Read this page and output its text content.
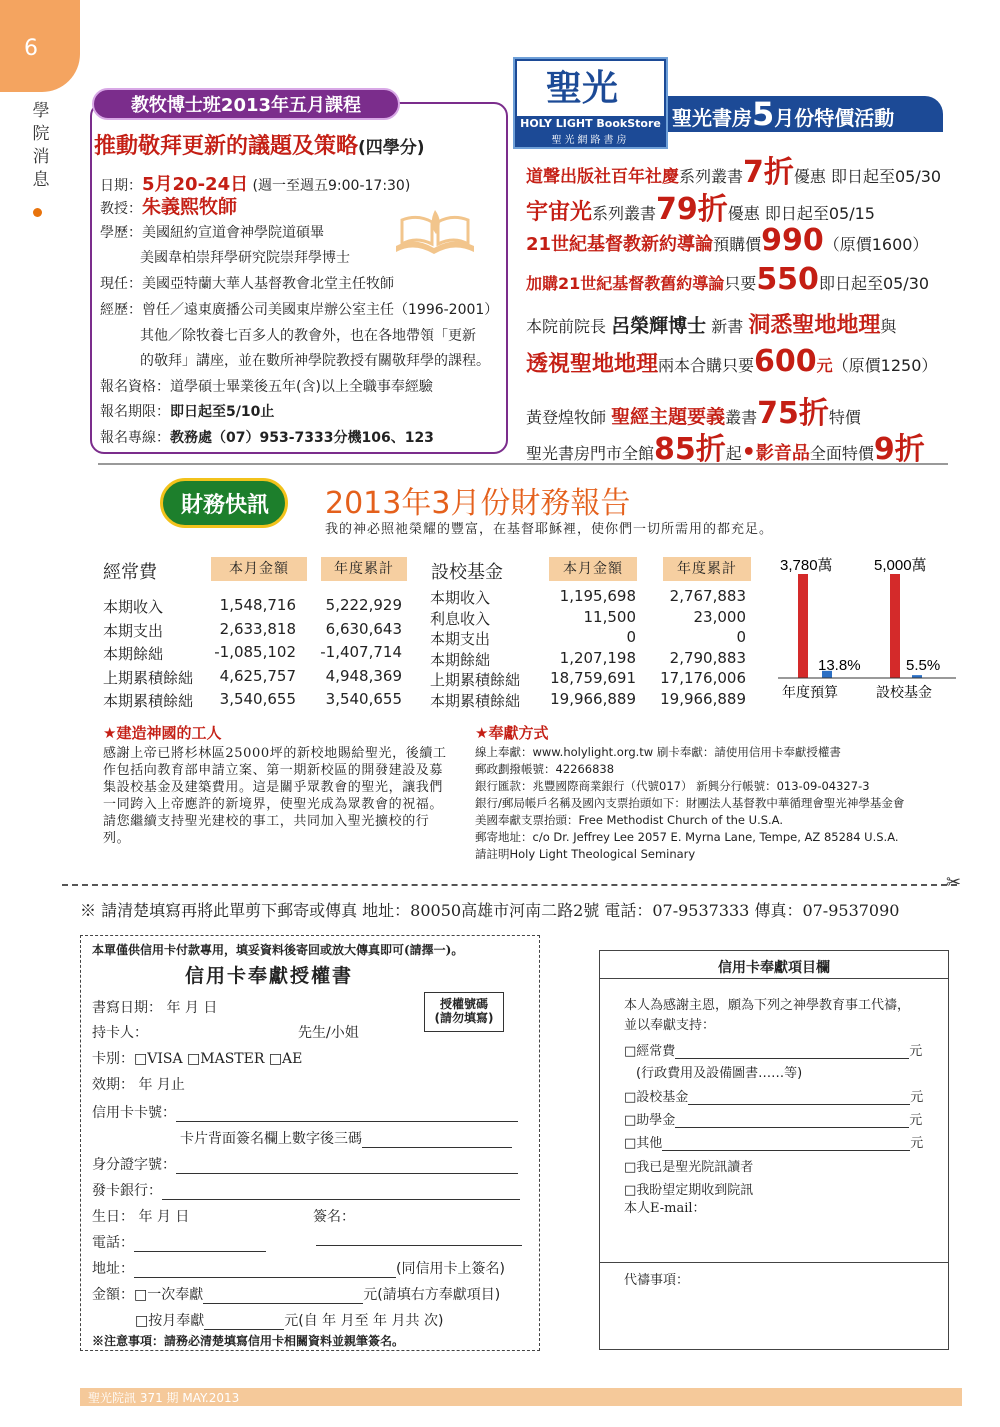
6
學院消息
教牧博士班2013年五月課程
推動敬拜更新的議題及策略(四學分)
日期：5月20-24日 (週一至週五9:00-17:30)
教授：朱義熙牧師
學歷：美國紐約宣道會神學院道碩畢
美國韋柏崇拜學研究院崇拜學博士
現任：美國亞特蘭大華人基督教會北堂主任牧師
經歷：曾任／遠東廣播公司美國東岸辦公室主任（1996-2001）
其他／除牧養七百多人的教會外，也在各地帶領「更新
的敬拜」講座，並在數所神學院教授有關敬拜學的課程。
報名資格：道學碩士畢業後五年(含)以上全職事奉經驗
報名期限：即日起至5/10止
報名專線：教務處（07）953-7333分機106、123
聖光
HOLY LIGHT BookStore
聖光網路書房
聖光書房5月份特價活動
道聲出版社百年社慶系列叢書7折優惠 即日起至05/30
宇宙光系列叢書79折優惠 即日起至05/15
21世紀基督教新約導論預購價990（原價1600）
加購21世紀基督教舊約導論只要550即日起至05/30
本院前院長 呂榮輝博士 新書 洞悉聖地地理與
透視聖地地理兩本合購只要600元（原價1250）
黃登煌牧師 聖經主題要義叢書75折特價
聖光書房門市全館85折起•影音品全面特價9折
財務快訊	2013年3月份財務報告
我的神必照祂榮耀的豐富，在基督耶穌裡，使你們一切所需用的都充足。
經常費	本月金額	年度累計
本期收入	1,548,716	5,222,929
本期支出	2,633,818	6,630,643
本期餘絀	-1,085,102	-1,407,714
上期累積餘絀	4,625,757	4,948,369
本期累積餘絀	3,540,655	3,540,655
設校基金	本月金額	年度累計
本期收入	1,195,698	2,767,883
利息收入	11,500	23,000
本期支出	0	0
本期餘絀	1,207,198	2,790,883
上期累積餘絀	18,759,691	17,176,006
本期累積餘絀	19,966,889	19,966,889
3,780萬
13.8%
年度預算
5,000萬
5.5%
設校基金
★建造神國的工人
感謝上帝已將杉林區25000坪的新校地賜給聖光，後續工作包括向教育部申請立案、第一期新校區的開發建設及募集設校基金及建築費用。這是關乎眾教會的聖光，讓我們一同跨入上帝應許的新境界，使聖光成為眾教會的祝福。請您繼續支持聖光建校的事工，共同加入聖光擴校的行列。
★奉獻方式
線上奉獻：www.holylight.org.tw 刷卡奉獻：請使用信用卡奉獻授權書
郵政劃撥帳號：42266838
銀行匯款：兆豐國際商業銀行（代號017） 新興分行帳號：013-09-04327-3
銀行/郵局帳戶名稱及國內支票抬頭如下：財團法人基督教中華循理會聖光神學基金會
美國奉獻支票抬頭：Free Methodist Church of the U.S.A.
郵寄地址：c/o Dr. Jeffrey Lee 2057 E. Myrna Lane, Tempe, AZ 85284 U.S.A.
請註明Holy Light Theological Seminary
✂
※ 請清楚填寫再將此單剪下郵寄或傳真 地址：80050高雄市河南二路2號 電話：07-9537333 傳真：07-9537090
本單僅供信用卡付款專用，填妥資料後寄回或放大傳真即可(請擇一)。
信用卡奉獻授權書
授權號碼
(請勿填寫)
書寫日期： 年 月 日
持卡人：	先生/小姐
卡別：□VISA □MASTER □AE
效期： 年 月止
信用卡卡號：
卡片背面簽名欄上數字後三碼
身分證字號：
發卡銀行：
生日： 年 月 日	簽名：
電話：
地址：	(同信用卡上簽名)
金額：□一次奉獻	元(請填右方奉獻項目)
□按月奉獻	元(自 年 月至 年 月共 次)
※注意事項：請務必清楚填寫信用卡相關資料並親筆簽名。
信用卡奉獻項目欄
本人為感謝主恩，願為下列之神學教育事工代禱，
並以奉獻支持：
□經常費	元
(行政費用及設備圖書……等)
□設校基金	元
□助學金	元
□其他	元
□我已是聖光院訊讀者
□我盼望定期收到院訊
本人E-mail：
代禱事項：
聖光院訊 371 期 MAY.2013
